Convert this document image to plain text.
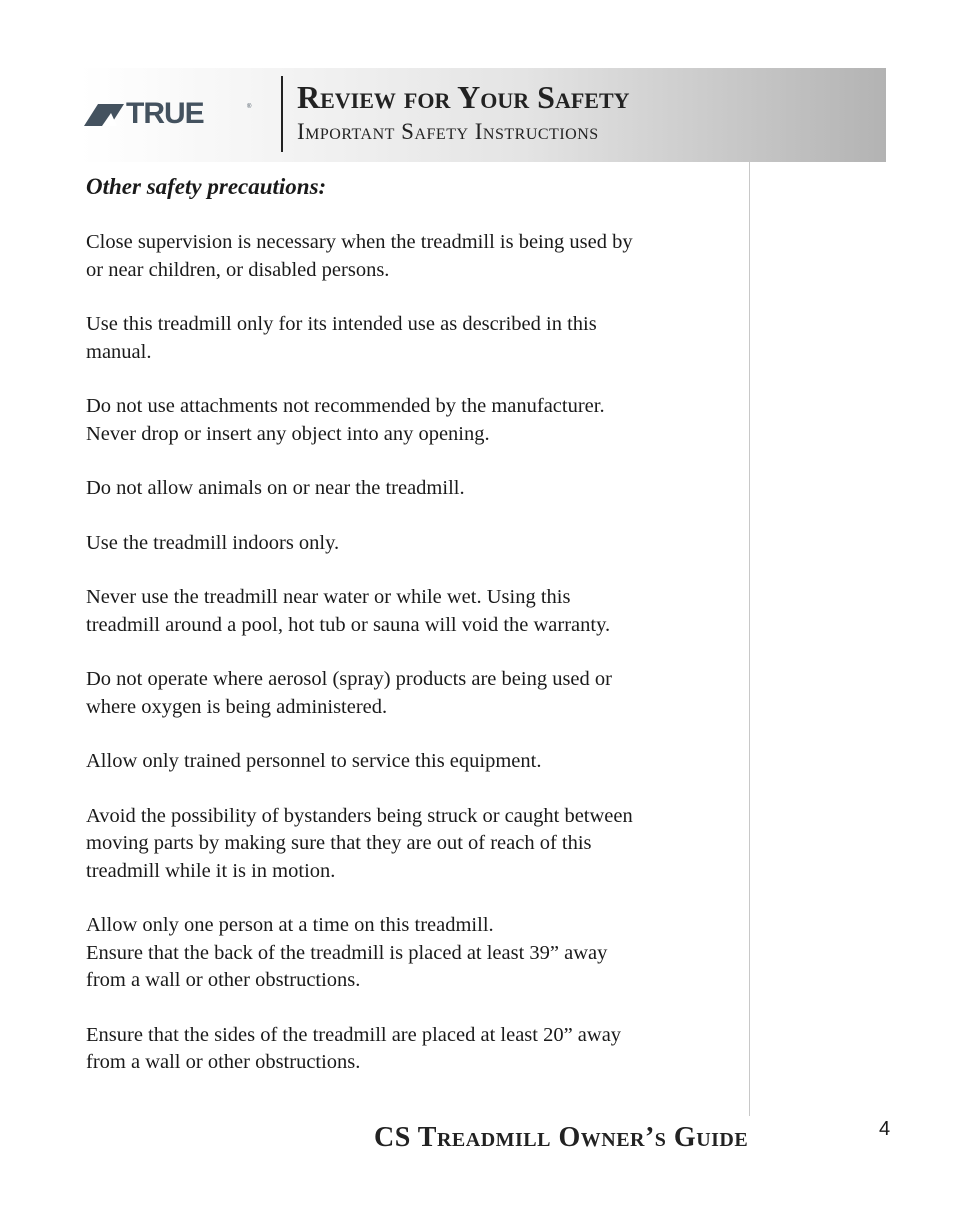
TRUE	® Review for Your Safety
Important Safety Instructions
Other safety precautions:

Close supervision is necessary when the treadmill is being used by
or near children, or disabled persons.

Use this treadmill only for its intended use as described in this
manual.

Do not use attachments not recommended by the manufacturer.
Never drop or insert any object into any opening.

Do not allow animals on or near the treadmill.

Use the treadmill indoors only.

Never use the treadmill near water or while wet. Using this
treadmill around a pool, hot tub or sauna will void the warranty.

Do not operate where aerosol (spray) products are being used or
where oxygen is being administered.

Allow only trained personnel to service this equipment.

Avoid the possibility of bystanders being struck or caught between
moving parts by making sure that they are out of reach of this
treadmill while it is in motion.

Allow only one person at a time on this treadmill.
Ensure that the back of the treadmill is placed at least 39” away
from a wall or other obstructions.

Ensure that the sides of the treadmill are placed at least 20” away
from a wall or other obstructions.

CS Treadmill Owner’s Guide	4
